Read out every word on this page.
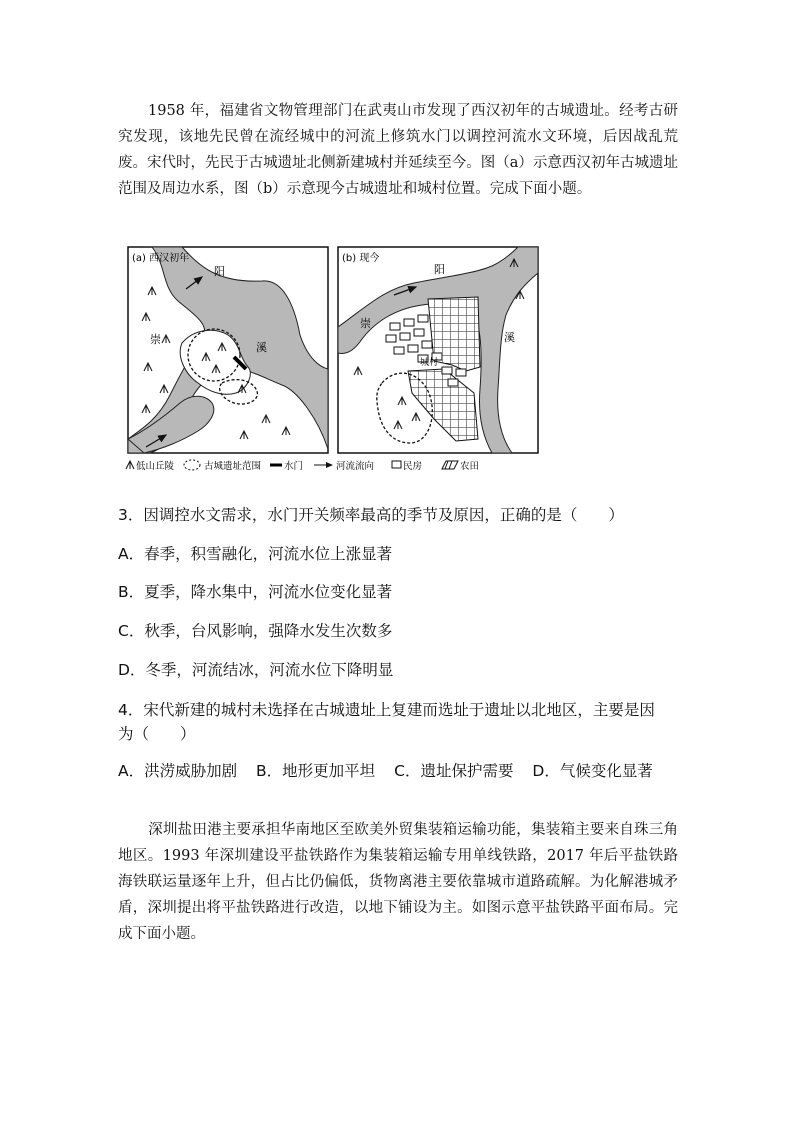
1958 年，福建省文物管理部门在武夷山市发现了西汉初年的古城遗址。经考古研究发现，该地先民曾在流经城中的河流上修筑水门以调控河流水文环境，后因战乱荒废。宋代时，先民于古城遗址北侧新建城村并延续至今。图（a）示意西汉初年古城遗址范围及周边水系，图（b）示意现今古城遗址和城村位置。完成下面小题。

(a) 西汉初年
阳
崇
溪
(b) 现今
阳
崇
溪
城村
低山丘陵	古城遗址范围 水门	河流流向	民房	农田

3．因调控水文需求，水门开关频率最高的季节及原因，正确的是（　　）

A．春季，积雪融化，河流水位上涨显著

B．夏季，降水集中，河流水位变化显著

C．秋季，台风影响，强降水发生次数多

D．冬季，河流结冰，河流水位下降明显

4．宋代新建的城村未选择在古城遗址上复建而选址于遗址以北地区，主要是因

为（　　）

A．洪涝威胁加剧 B．地形更加平坦 C．遗址保护需要 D．气候变化显著

深圳盐田港主要承担华南地区至欧美外贸集装箱运输功能，集装箱主要来自珠三角地区。1993 年深圳建设平盐铁路作为集装箱运输专用单线铁路，2017 年后平盐铁路海铁联运量逐年上升，但占比仍偏低，货物离港主要依靠城市道路疏解。为化解港城矛盾，深圳提出将平盐铁路进行改造，以地下铺设为主。如图示意平盐铁路平面布局。完成下面小题。
